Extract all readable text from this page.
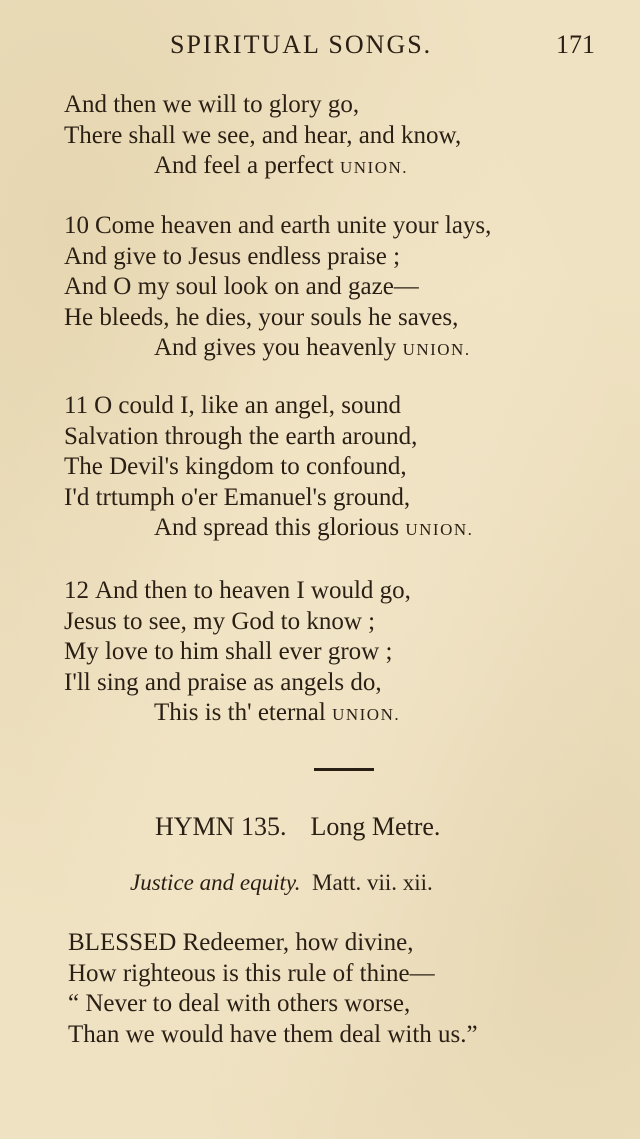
SPIRITUAL SONGS.	171
And then we will to glory go,
There shall we see, and hear, and know,
And feel a perfect UNION.
10 Come heaven and earth unite your lays,
And give to Jesus endless praise ;
And O my soul look on and gaze—
He bleeds, he dies, your souls he saves,
And gives you heavenly UNION.
11 O could I, like an angel, sound
Salvation through the earth around,
The Devil's kingdom to confound,
I'd trtumph o'er Emanuel's ground,
And spread this glorious UNION.
12 And then to heaven I would go,
Jesus to see, my God to know ;
My love to him shall ever grow ;
I'll sing and praise as angels do,
This is th' eternal UNION.
HYMN 135. Long Metre.
Justice and equity. Matt. vii. xii.
BLESSED Redeemer, how divine,
How righteous is this rule of thine—
“ Never to deal with others worse,
Than we would have them deal with us.”
